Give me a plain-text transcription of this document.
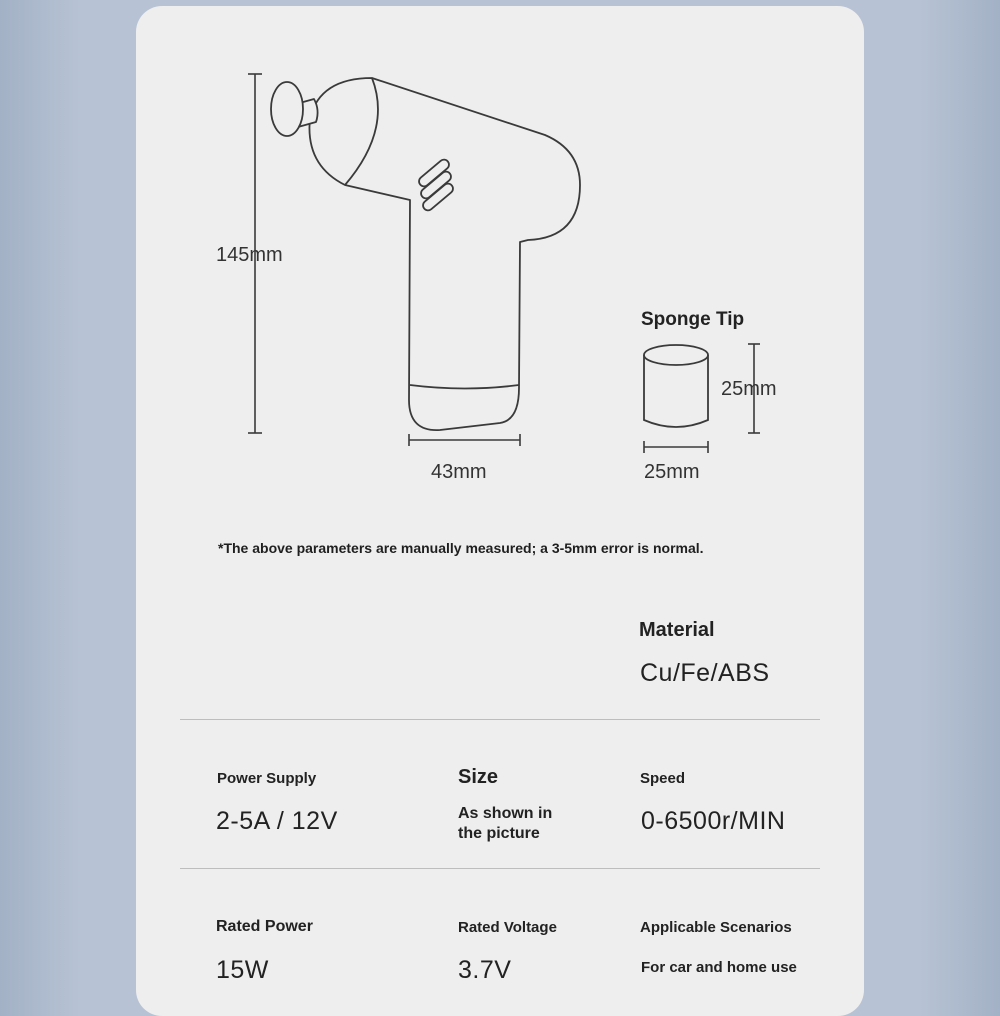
145mm
43mm
Sponge Tip
25mm
25mm
*The above parameters are manually measured; a 3-5mm error is normal.
Material
Cu/Fe/ABS
Power Supply
2-5A / 12V
Size
As shown in the picture
Speed
0-6500r/MIN
Rated Power
15W
Rated Voltage
3.7V
Applicable Scenarios
For car and home use
